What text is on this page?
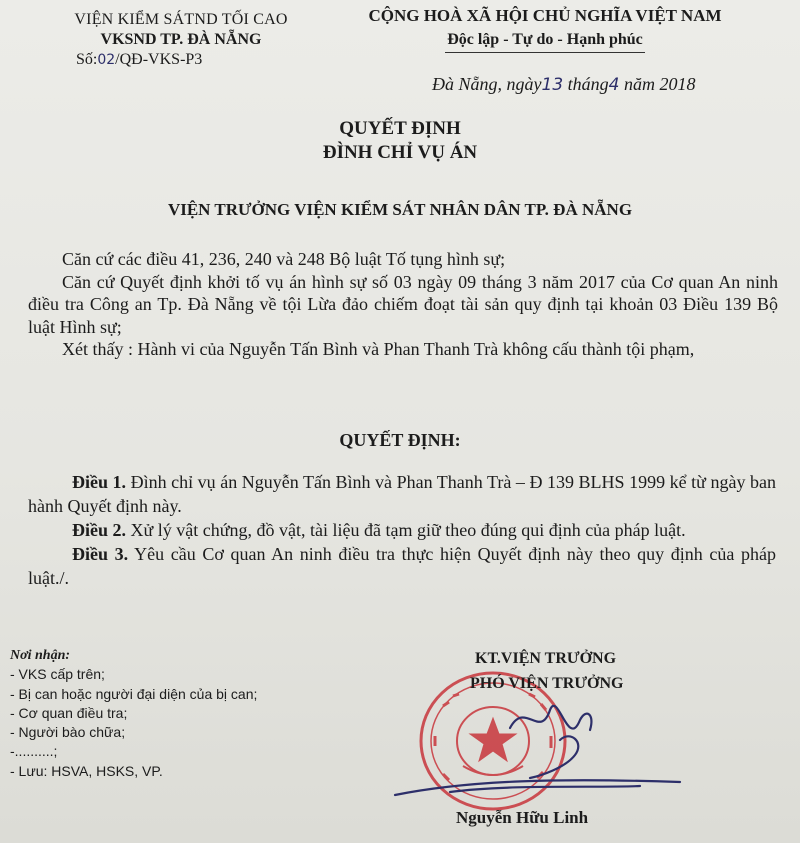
VIỆN KIỂM SÁTND TỐI CAO
VKSND TP. ĐÀ NẴNG
Số:02/QĐ-VKS-P3
CỘNG HOÀ XÃ HỘI CHỦ NGHĨA VIỆT NAM
Độc lập - Tự do - Hạnh phúc
Đà Nẵng, ngày13 tháng4 năm 2018
QUYẾT ĐỊNH
ĐÌNH CHỈ VỤ ÁN
VIỆN TRƯỞNG VIỆN KIỂM SÁT NHÂN DÂN TP. ĐÀ NẴNG

Căn cứ các điều 41, 236, 240 và 248 Bộ luật Tố tụng hình sự;

Căn cứ Quyết định khởi tố vụ án hình sự số 03 ngày 09 tháng 3 năm 2017 của Cơ quan An ninh điều tra Công an Tp. Đà Nẵng về tội Lừa đảo chiếm đoạt tài sản quy định tại khoản 03 Điều 139 Bộ luật Hình sự;

Xét thấy : Hành vi của Nguyễn Tấn Bình và Phan Thanh Trà không cấu thành tội phạm,

QUYẾT ĐỊNH:

Điều 1. Đình chỉ vụ án Nguyễn Tấn Bình và Phan Thanh Trà – Đ 139 BLHS 1999 kể từ ngày ban hành Quyết định này.

Điều 2. Xử lý vật chứng, đồ vật, tài liệu đã tạm giữ theo đúng qui định của pháp luật.

Điều 3. Yêu cầu Cơ quan An ninh điều tra thực hiện Quyết định này theo quy định của pháp luật./.

Nơi nhận:
- VKS cấp trên;
- Bị can hoặc người đại diện của bị can;
- Cơ quan điều tra;
- Người bào chữa;
-..........;
- Lưu: HSVA, HSKS, VP.
KT.VIỆN TRƯỞNG
PHÓ VIỆN TRƯỞNG
Nguyễn Hữu Linh
